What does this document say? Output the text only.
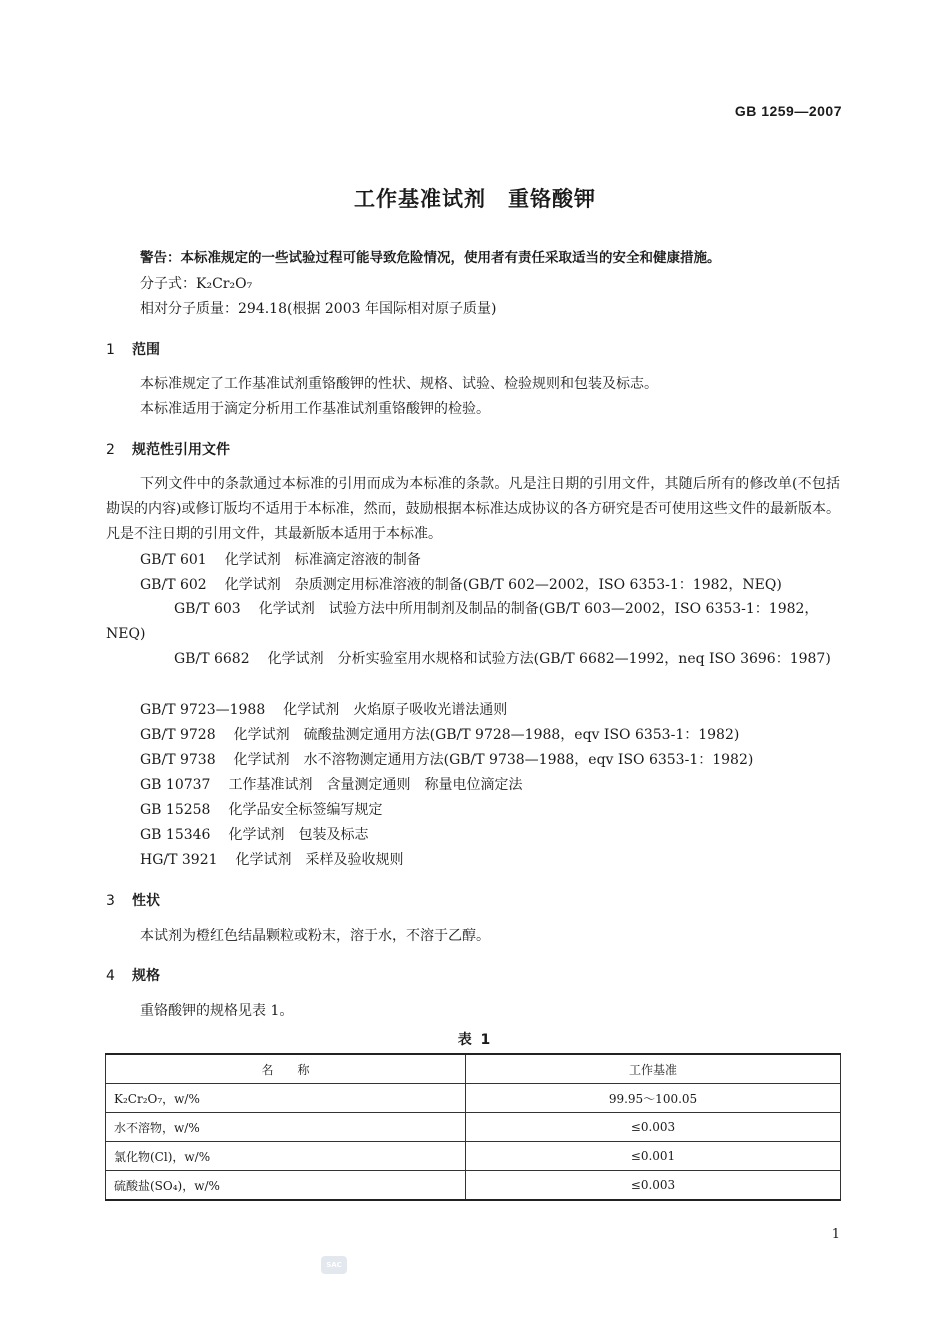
GB 1259—2007
工作基准试剂　重铬酸钾
警告：本标准规定的一些试验过程可能导致危险情况，使用者有责任采取适当的安全和健康措施。
分子式：K₂Cr₂O₇
相对分子质量：294.18(根据 2003 年国际相对原子质量)
1 范围
本标准规定了工作基准试剂重铬酸钾的性状、规格、试验、检验规则和包装及标志。
本标准适用于滴定分析用工作基准试剂重铬酸钾的检验。
2 规范性引用文件
下列文件中的条款通过本标准的引用而成为本标准的条款。凡是注日期的引用文件，其随后所有的修改单(不包括勘误的内容)或修订版均不适用于本标准，然而，鼓励根据本标准达成协议的各方研究是否可使用这些文件的最新版本。凡是不注日期的引用文件，其最新版本适用于本标准。
GB/T 601 化学试剂　标准滴定溶液的制备
GB/T 602 化学试剂　杂质测定用标准溶液的制备(GB/T 602—2002，ISO 6353-1：1982，NEQ)
GB/T 603 化学试剂　试验方法中所用制剂及制品的制备(GB/T 603—2002，ISO 6353-1：1982，NEQ)
GB/T 6682 化学试剂　分析实验室用水规格和试验方法(GB/T 6682—1992，neq ISO 3696：1987)
GB/T 9723—1988 化学试剂　火焰原子吸收光谱法通则
GB/T 9728 化学试剂　硫酸盐测定通用方法(GB/T 9728—1988，eqv ISO 6353-1：1982)
GB/T 9738 化学试剂　水不溶物测定通用方法(GB/T 9738—1988，eqv ISO 6353-1：1982)
GB 10737 工作基准试剂　含量测定通则　称量电位滴定法
GB 15258 化学品安全标签编写规定
GB 15346 化学试剂　包装及标志
HG/T 3921 化学试剂　采样及验收规则
3 性状
本试剂为橙红色结晶颗粒或粉末，溶于水，不溶于乙醇。
4 规格
重铬酸钾的规格见表 1。
表 1
名　　称	工作基准
K₂Cr₂O₇，w/%	99.95～100.05
水不溶物，w/%	≤0.003
氯化物(Cl)，w/%	≤0.001
硫酸盐(SO₄)，w/%	≤0.003
1
SAC
